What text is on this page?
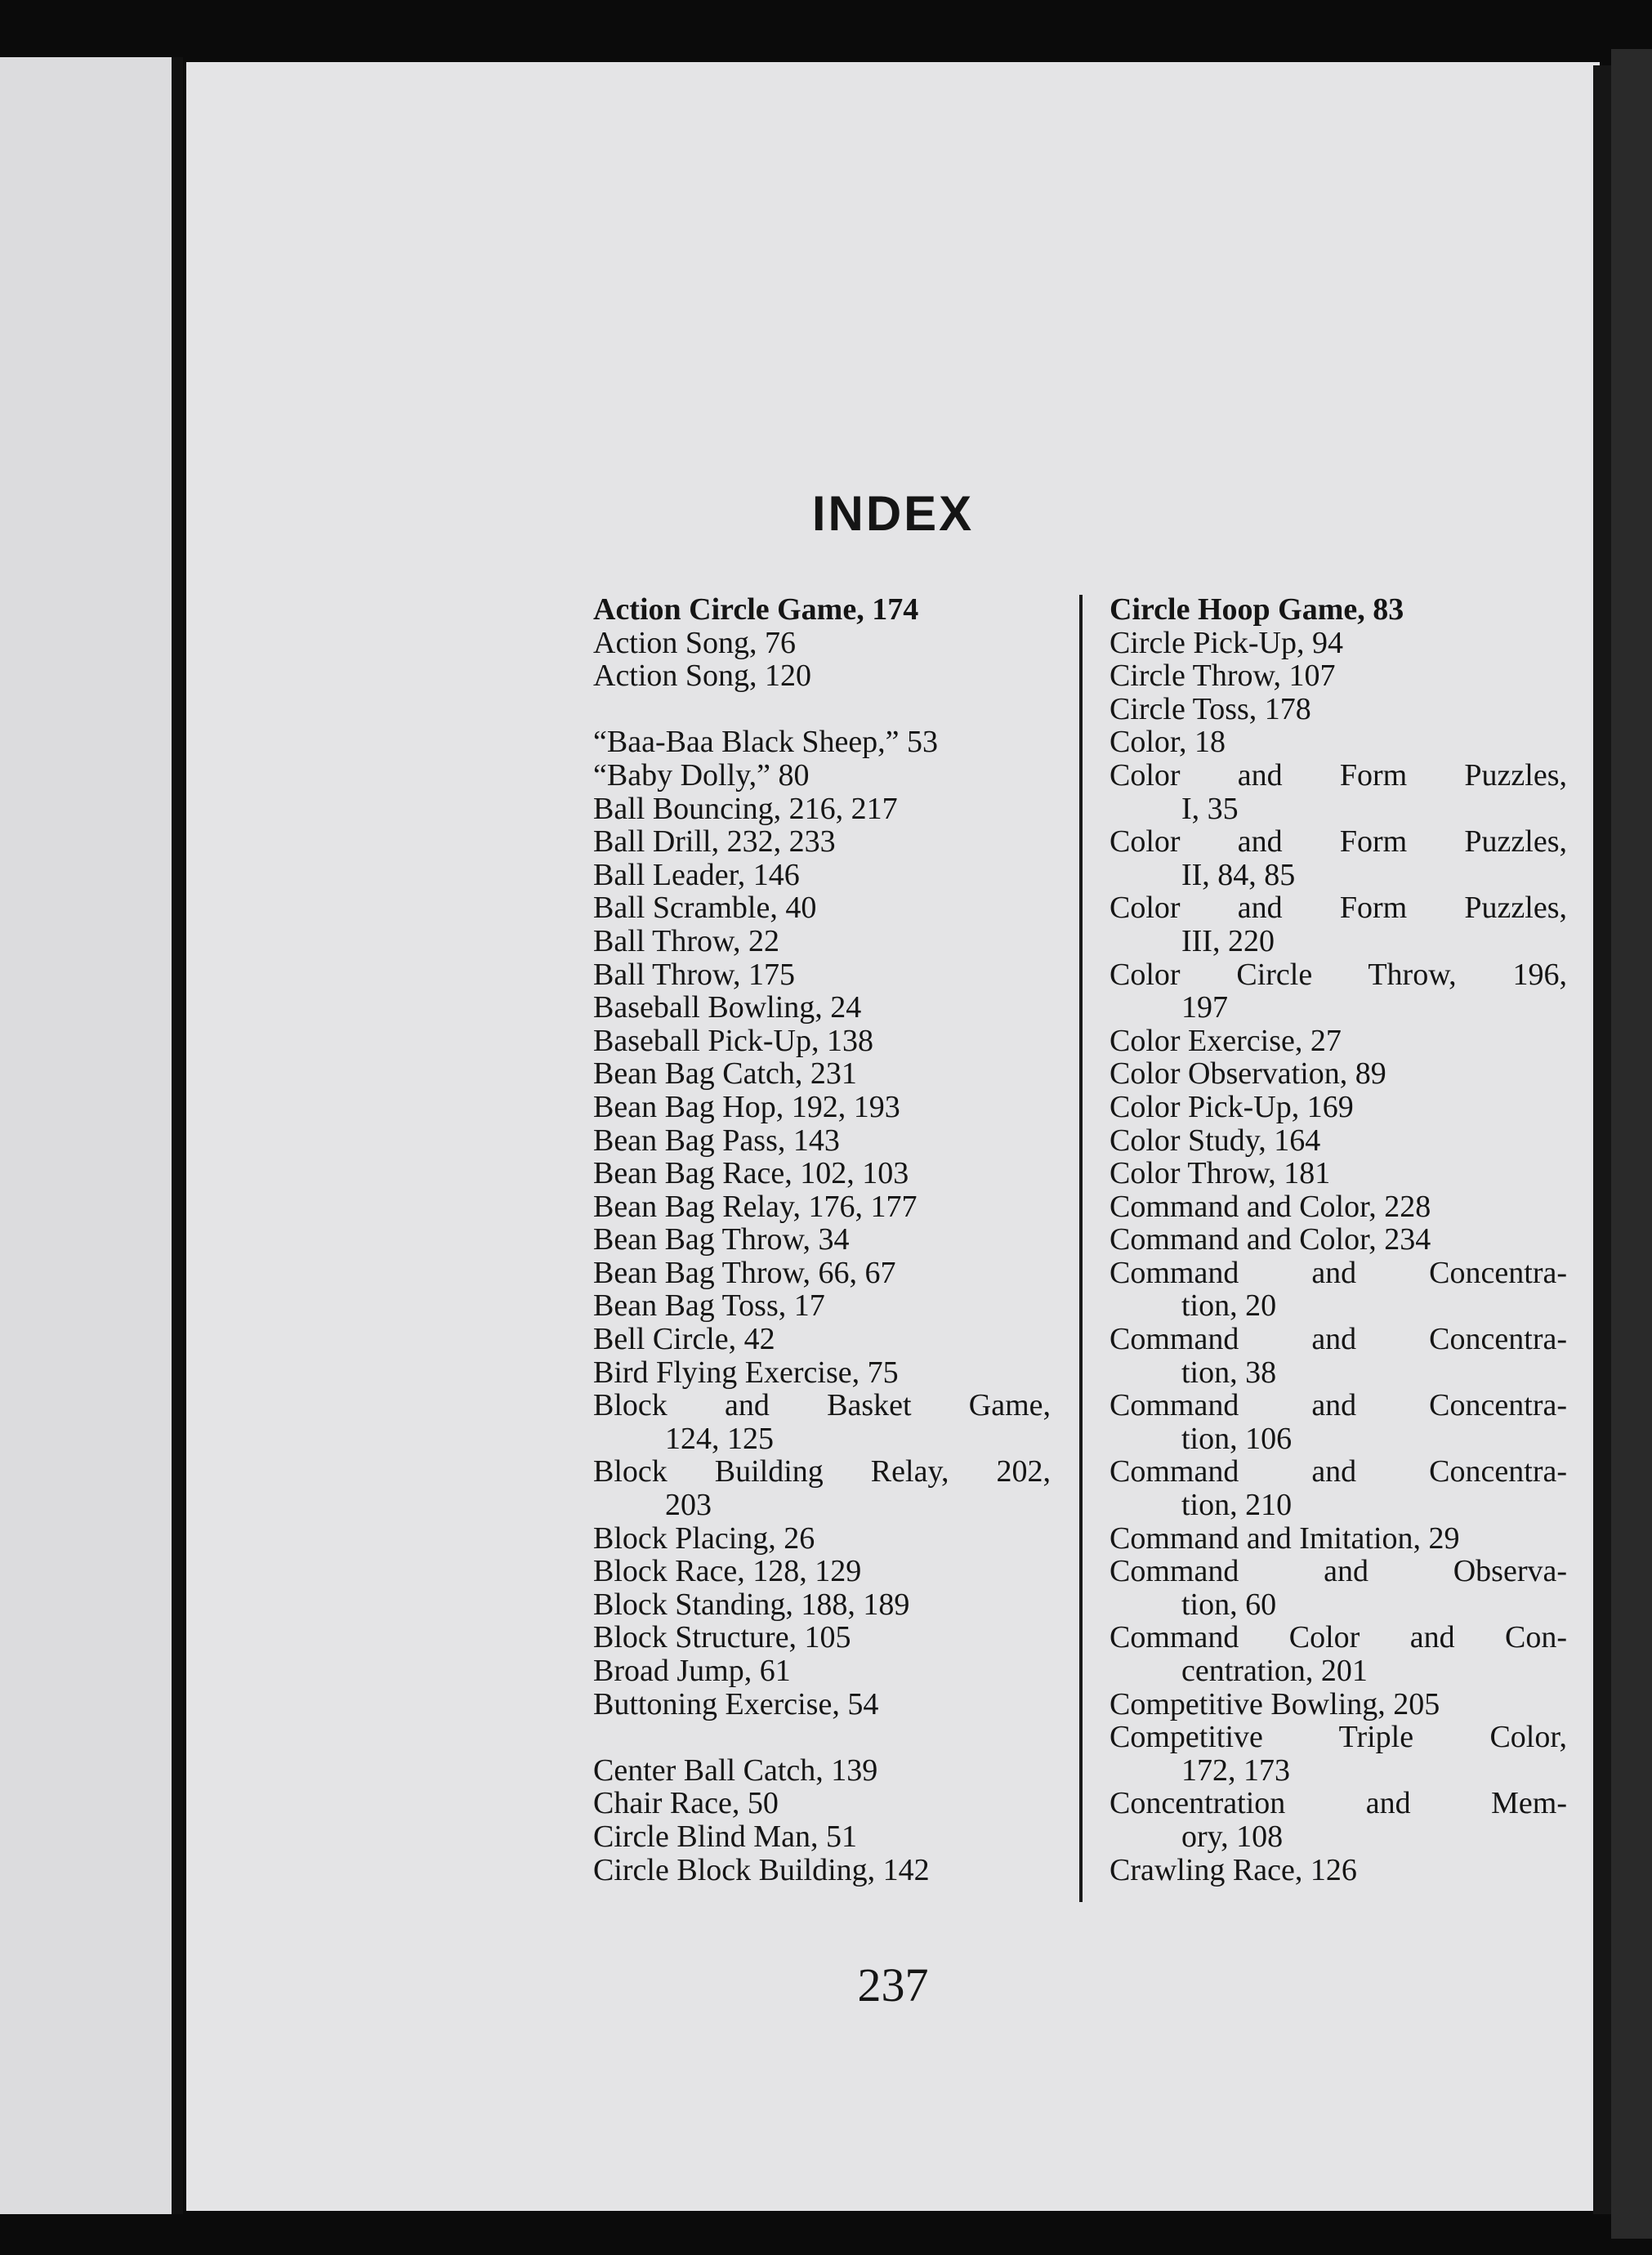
INDEX
Action Circle Game, 174
Action Song, 76
Action Song, 120
“Baa-Baa Black Sheep,” 53
“Baby Dolly,” 80
Ball Bouncing, 216, 217
Ball Drill, 232, 233
Ball Leader, 146
Ball Scramble, 40
Ball Throw, 22
Ball Throw, 175
Baseball Bowling, 24
Baseball Pick-Up, 138
Bean Bag Catch, 231
Bean Bag Hop, 192, 193
Bean Bag Pass, 143
Bean Bag Race, 102, 103
Bean Bag Relay, 176, 177
Bean Bag Throw, 34
Bean Bag Throw, 66, 67
Bean Bag Toss, 17
Bell Circle, 42
Bird Flying Exercise, 75
Block and Basket Game,
124, 125
Block Building Relay, 202,
203
Block Placing, 26
Block Race, 128, 129
Block Standing, 188, 189
Block Structure, 105
Broad Jump, 61
Buttoning Exercise, 54
Center Ball Catch, 139
Chair Race, 50
Circle Blind Man, 51
Circle Block Building, 142
Circle Hoop Game, 83
Circle Pick-Up, 94
Circle Throw, 107
Circle Toss, 178
Color, 18
Color and Form Puzzles,
I, 35
Color and Form Puzzles,
II, 84, 85
Color and Form Puzzles,
III, 220
Color Circle Throw, 196,
197
Color Exercise, 27
Color Observation, 89
Color Pick-Up, 169
Color Study, 164
Color Throw, 181
Command and Color, 228
Command and Color, 234
Command and Concentra-
tion, 20
Command and Concentra-
tion, 38
Command and Concentra-
tion, 106
Command and Concentra-
tion, 210
Command and Imitation, 29
Command and Observa-
tion, 60
Command Color and Con-
centration, 201
Competitive Bowling, 205
Competitive Triple Color,
172, 173
Concentration and Mem-
ory, 108
Crawling Race, 126
237
